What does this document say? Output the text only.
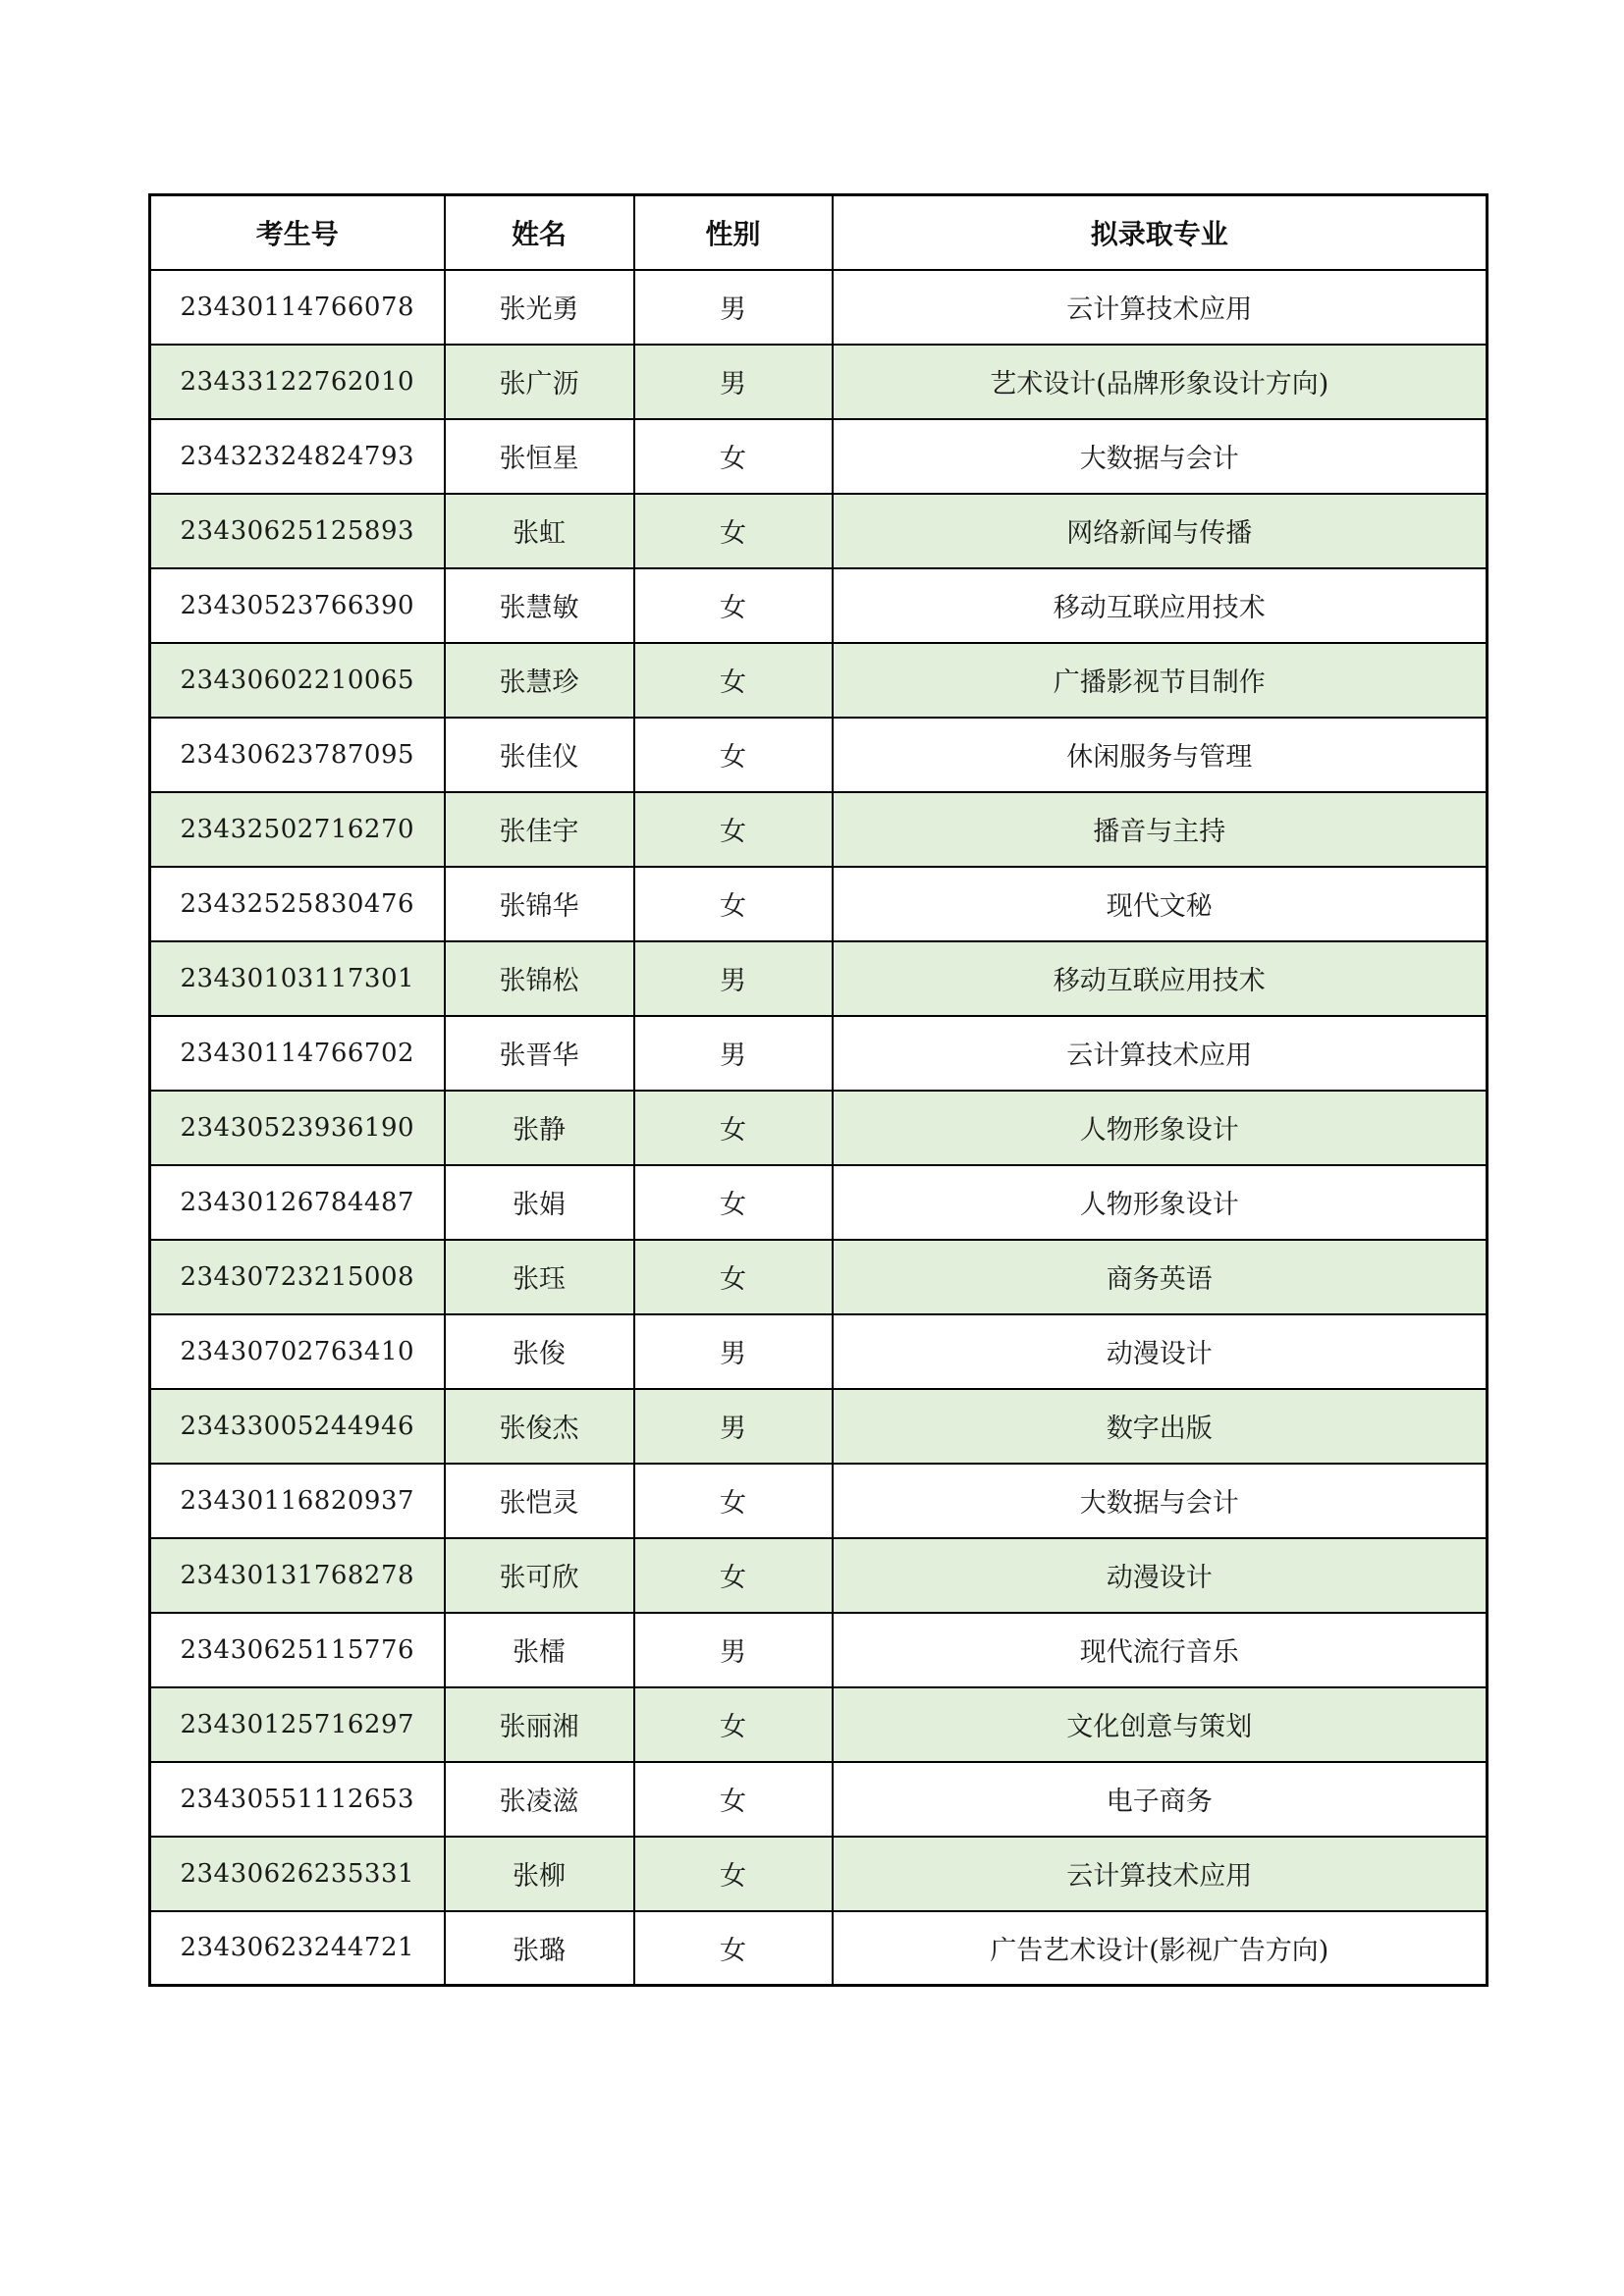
考生号	姓名	性别	拟录取专业
23430114766078	张光勇	男	云计算技术应用
23433122762010	张广沥	男	艺术设计(品牌形象设计方向)
23432324824793	张恒星	女	大数据与会计
23430625125893	张虹	女	网络新闻与传播
23430523766390	张慧敏	女	移动互联应用技术
23430602210065	张慧珍	女	广播影视节目制作
23430623787095	张佳仪	女	休闲服务与管理
23432502716270	张佳宇	女	播音与主持
23432525830476	张锦华	女	现代文秘
23430103117301	张锦松	男	移动互联应用技术
23430114766702	张晋华	男	云计算技术应用
23430523936190	张静	女	人物形象设计
23430126784487	张娟	女	人物形象设计
23430723215008	张珏	女	商务英语
23430702763410	张俊	男	动漫设计
23433005244946	张俊杰	男	数字出版
23430116820937	张恺灵	女	大数据与会计
23430131768278	张可欣	女	动漫设计
23430625115776	张檑	男	现代流行音乐
23430125716297	张丽湘	女	文化创意与策划
23430551112653	张凌滋	女	电子商务
23430626235331	张柳	女	云计算技术应用
23430623244721	张璐	女	广告艺术设计(影视广告方向)
